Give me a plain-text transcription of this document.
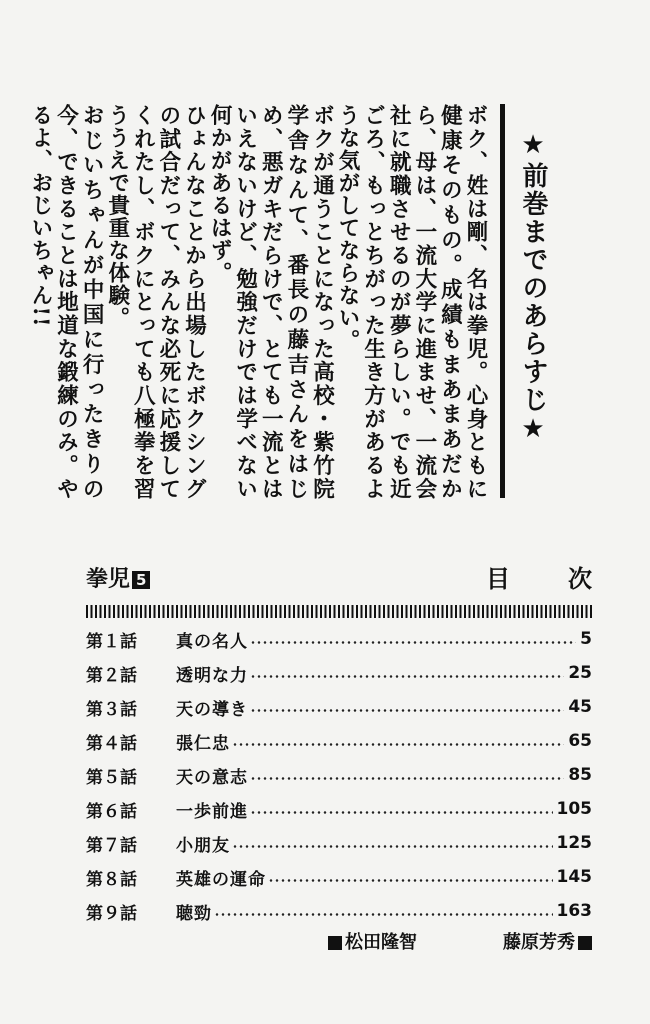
★前巻までのあらすじ★

ボク、姓は剛、名は拳児。心身ともに健康そのもの。成績もまあまあだから、母は、一流大学に進ませ、一流会社に就職させるのが夢らしい。でも近ごろ、もっとちがった生き方があるような気がしてならない。

ボクが通うことになった高校・紫竹院学舎なんて、番長の藤吉さんをはじめ、悪ガキだらけで、とても一流とはいえないけど、勉強だけでは学べない何かがあるはず。

ひょんなことから出場したボクシングの試合だって、みんな必死に応援してくれたし、ボクにとっても八極拳を習ううえで貴重な体験。

おじいちゃんが中国に行ったきりの今、できることは地道な鍛練のみ。やるよ、おじいちゃん!!

拳児 5	目 次
第１話	真の名人	5
第２話	透明な力	25
第３話	天の導き	45
第４話	張仁忠	65
第５話	天の意志	85
第６話	一歩前進	105
第７話	小朋友	125
第８話	英雄の運命	145
第９話	聴勁	163
松田隆智	藤原芳秀
